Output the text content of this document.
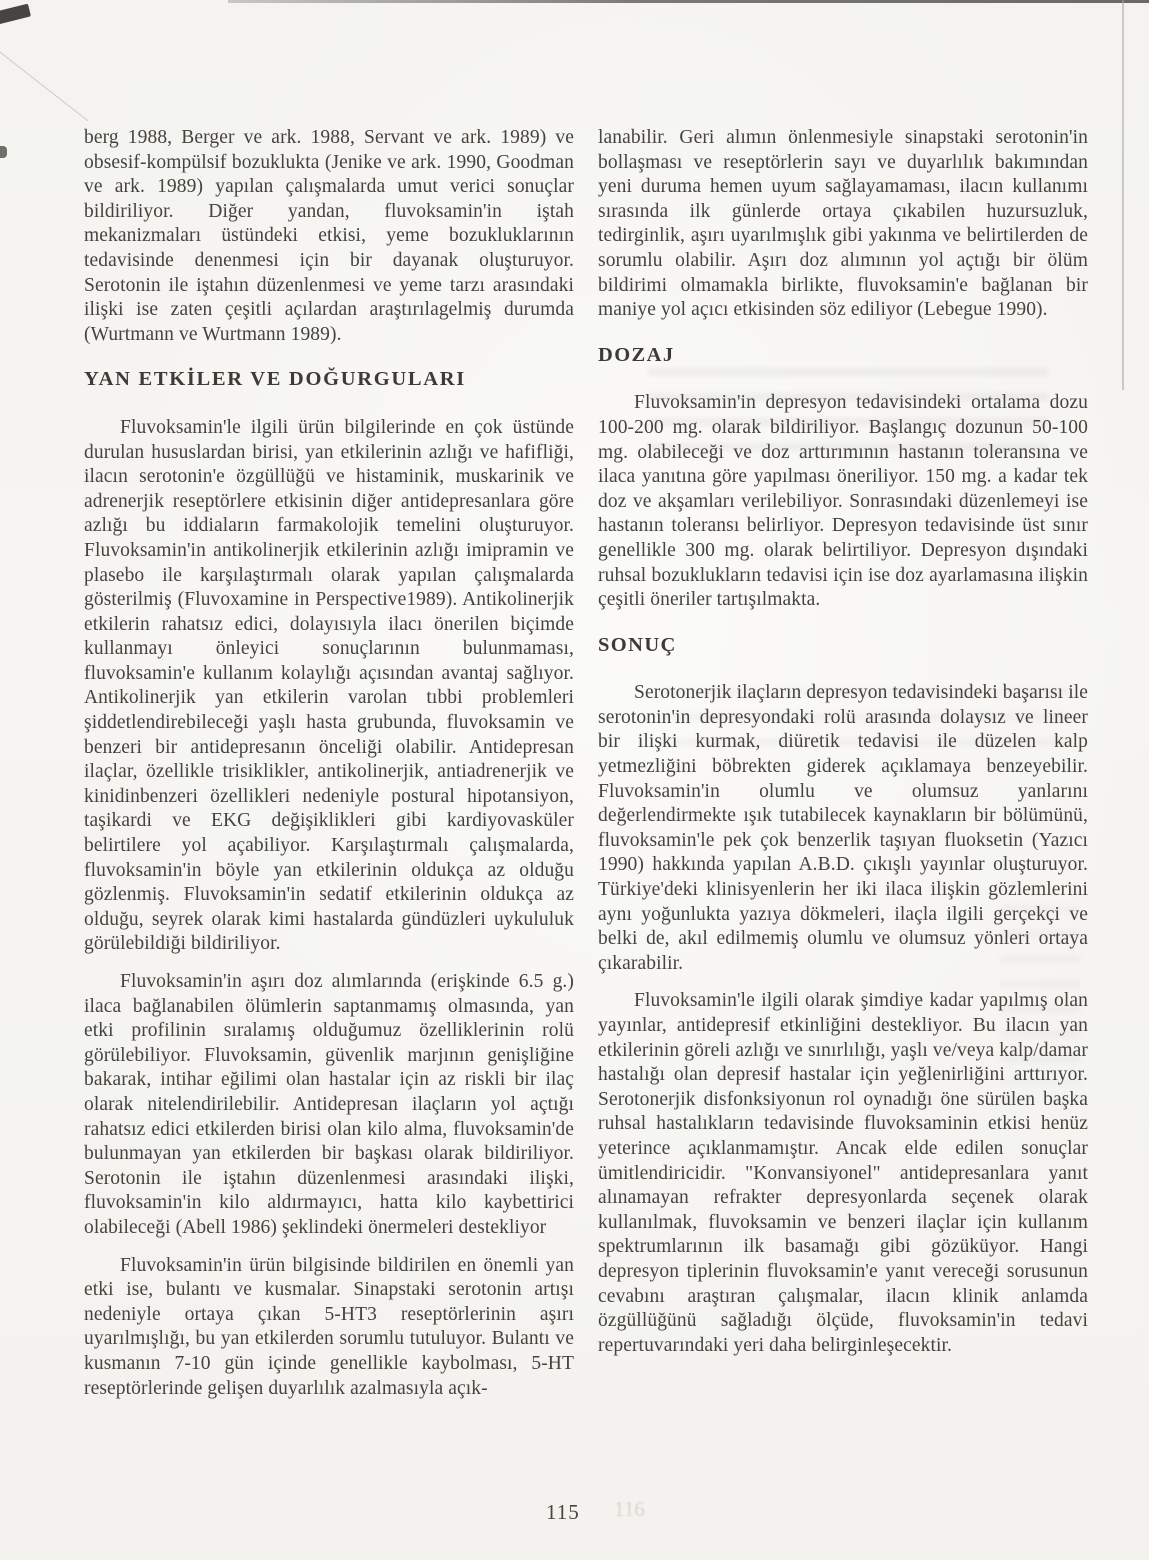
berg 1988, Berger ve ark. 1988, Servant ve ark. 1989) ve obsesif-kompülsif bozuklukta (Jenike ve ark. 1990, Goodman ve ark. 1989) yapılan çalışmalarda umut verici sonuçlar bildiriliyor. Diğer yandan, fluvoksamin'in iştah mekanizmaları üstündeki etkisi, yeme bozukluklarının tedavisinde denenmesi için bir dayanak oluşturuyor. Serotonin ile iştahın düzenlenmesi ve yeme tarzı arasındaki ilişki ise zaten çeşitli açılardan araştırılagelmiş durumda (Wurtmann ve Wurtmann 1989).

YAN ETKİLER VE DOĞURGULARI

Fluvoksamin'le ilgili ürün bilgilerinde en çok üstünde durulan hususlardan birisi, yan etkilerinin azlığı ve hafifliği, ilacın serotonin'e özgüllüğü ve histaminik, muskarinik ve adrenerjik reseptörlere etkisinin diğer antidepresanlara göre azlığı bu iddiaların farmakolojik temelini oluşturuyor. Fluvoksamin'in antikolinerjik etkilerinin azlığı imipramin ve plasebo ile karşılaştırmalı olarak yapılan çalışmalarda gösterilmiş (Fluvoxamine in Perspective1989). Antikolinerjik etkilerin rahatsız edici, dolayısıyla ilacı önerilen biçimde kullanmayı önleyici sonuçlarının bulunmaması, fluvoksamin'e kullanım kolaylığı açısından avantaj sağlıyor. Antikolinerjik yan etkilerin varolan tıbbi problemleri şiddetlendirebileceği yaşlı hasta grubunda, fluvoksamin ve benzeri bir antidepresanın önceliği olabilir. Antidepresan ilaçlar, özellikle trisiklikler, antikolinerjik, antiadrenerjik ve kinidinbenzeri özellikleri nedeniyle postural hipotansiyon, taşikardi ve EKG değişiklikleri gibi kardiyovasküler belirtilere yol açabiliyor. Karşılaştırmalı çalışmalarda, fluvoksamin'in böyle yan etkilerinin oldukça az olduğu gözlenmiş. Fluvoksamin'in sedatif etkilerinin oldukça az olduğu, seyrek olarak kimi hastalarda gündüzleri uykululuk görülebildiği bildiriliyor.

Fluvoksamin'in aşırı doz alımlarında (erişkinde 6.5 g.) ilaca bağlanabilen ölümlerin saptanmamış olmasında, yan etki profilinin sıralamış olduğumuz özelliklerinin rolü görülebiliyor. Fluvoksamin, güvenlik marjının genişliğine bakarak, intihar eğilimi olan hastalar için az riskli bir ilaç olarak nitelendirilebilir. Antidepresan ilaçların yol açtığı rahatsız edici etkilerden birisi olan kilo alma, fluvoksamin'de bulunmayan yan etkilerden bir başkası olarak bildiriliyor. Serotonin ile iştahın düzenlenmesi arasındaki ilişki, fluvoksamin'in kilo aldırmayıcı, hatta kilo kaybettirici olabileceği (Abell 1986) şeklindeki önermeleri destekliyor

Fluvoksamin'in ürün bilgisinde bildirilen en önemli yan etki ise, bulantı ve kusmalar. Sinapstaki serotonin artışı nedeniyle ortaya çıkan 5-HT3 reseptörlerinin aşırı uyarılmışlığı, bu yan etkilerden sorumlu tutuluyor. Bulantı ve kusmanın 7-10 gün içinde genellikle kaybolması, 5-HT reseptörlerinde gelişen duyarlılık azalmasıyla açık-

lanabilir. Geri alımın önlenmesiyle sinapstaki serotonin'in bollaşması ve reseptörlerin sayı ve duyarlılık bakımından yeni duruma hemen uyum sağlayamaması, ilacın kullanımı sırasında ilk günlerde ortaya çıkabilen huzursuzluk, tedirginlik, aşırı uyarılmışlık gibi yakınma ve belirtilerden de sorumlu olabilir. Aşırı doz alımının yol açtığı bir ölüm bildirimi olmamakla birlikte, fluvoksamin'e bağlanan bir maniye yol açıcı etkisinden söz ediliyor (Lebegue 1990).

DOZAJ

Fluvoksamin'in depresyon tedavisindeki ortalama dozu 100-200 mg. olarak bildiriliyor. Başlangıç dozunun 50-100 mg. olabileceği ve doz arttırımının hastanın toleransına ve ilaca yanıtına göre yapılması öneriliyor. 150 mg. a kadar tek doz ve akşamları verilebiliyor. Sonrasındaki düzenlemeyi ise hastanın toleransı belirliyor. Depresyon tedavisinde üst sınır genellikle 300 mg. olarak belirtiliyor. Depresyon dışındaki ruhsal bozuklukların tedavisi için ise doz ayarlamasına ilişkin çeşitli öneriler tartışılmakta.

SONUÇ

Serotonerjik ilaçların depresyon tedavisindeki başarısı ile serotonin'in depresyondaki rolü arasında dolaysız ve lineer bir ilişki kurmak, diüretik tedavisi ile düzelen kalp yetmezliğini böbrekten giderek açıklamaya benzeyebilir. Fluvoksamin'in olumlu ve olumsuz yanlarını değerlendirmekte ışık tutabilecek kaynakların bir bölümünü, fluvoksamin'le pek çok benzerlik taşıyan fluoksetin (Yazıcı 1990) hakkında yapılan A.B.D. çıkışlı yayınlar oluşturuyor. Türkiye'deki klinisyenlerin her iki ilaca ilişkin gözlemlerini aynı yoğunlukta yazıya dökmeleri, ilaçla ilgili gerçekçi ve belki de, akıl edilmemiş olumlu ve olumsuz yönleri ortaya çıkarabilir.

Fluvoksamin'le ilgili olarak şimdiye kadar yapılmış olan yayınlar, antidepresif etkinliğini destekliyor. Bu ilacın yan etkilerinin göreli azlığı ve sınırlılığı, yaşlı ve/veya kalp/damar hastalığı olan depresif hastalar için yeğlenirliğini arttırıyor. Serotonerjik disfonksiyonun rol oynadığı öne sürülen başka ruhsal hastalıkların tedavisinde fluvoksaminin etkisi henüz yeterince açıklanmamıştır. Ancak elde edilen sonuçlar ümitlendiricidir. "Konvansiyonel" antidepresanlara yanıt alınamayan refrakter depresyonlarda seçenek olarak kullanılmak, fluvoksamin ve benzeri ilaçlar için kullanım spektrumlarının ilk basamağı gibi gözüküyor. Hangi depresyon tiplerinin fluvoksamin'e yanıt vereceği sorusunun cevabını araştıran çalışmalar, ilacın klinik anlamda özgüllüğünü sağladığı ölçüde, fluvoksamin'in tedavi repertuvarındaki yeri daha belirginleşecektir.

115 116
